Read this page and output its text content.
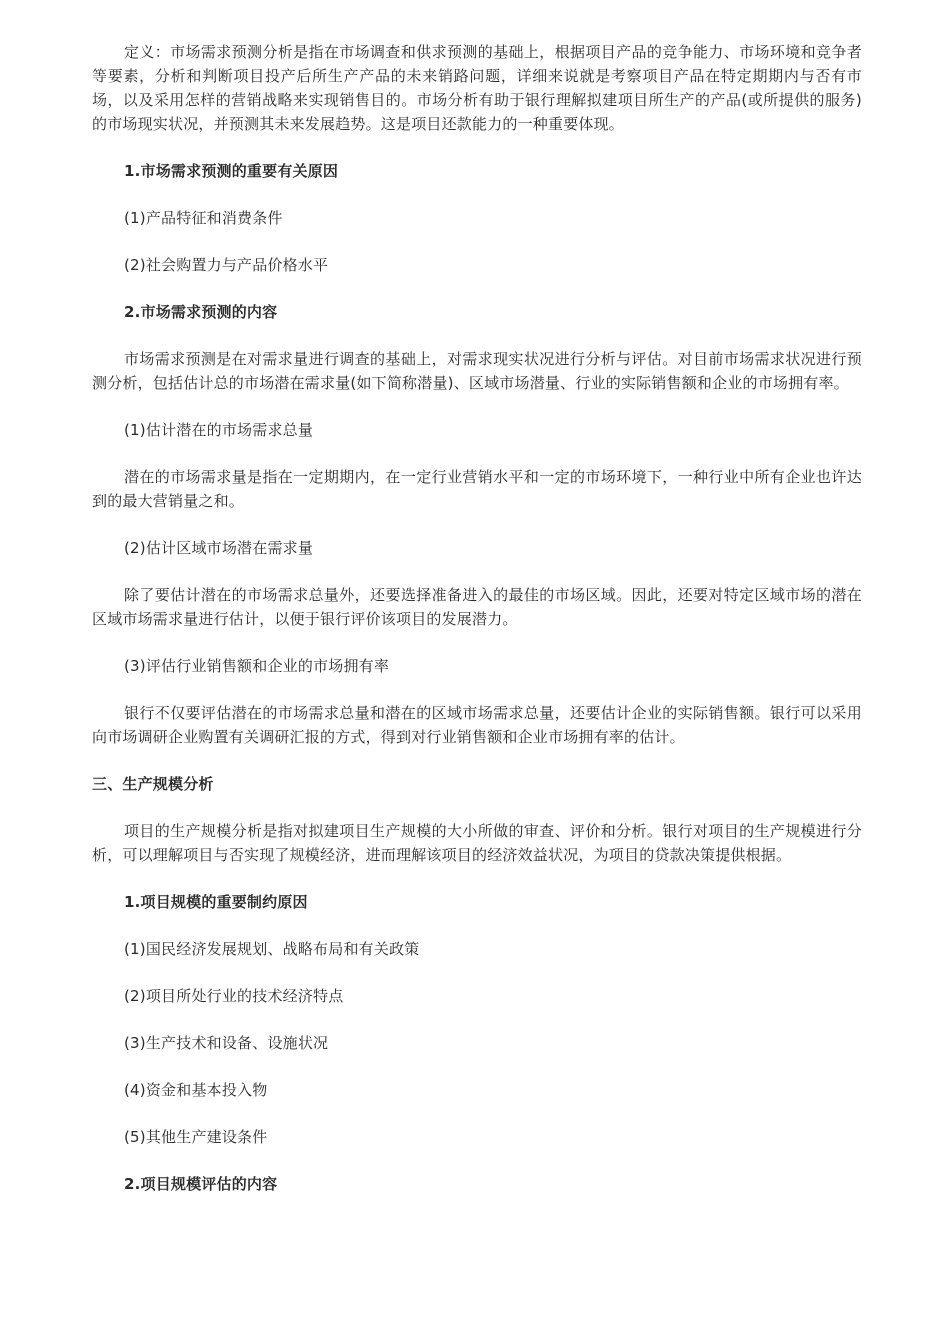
定义：市场需求预测分析是指在市场调查和供求预测的基础上，根据项目产品的竞争能力、市场环境和竞争者等要素，分析和判断项目投产后所生产产品的未来销路问题，详细来说就是考察项目产品在特定期期内与否有市场，以及采用怎样的营销战略来实现销售目的。市场分析有助于银行理解拟建项目所生产的产品(或所提供的服务)的市场现实状况，并预测其未来发展趋势。这是项目还款能力的一种重要体现。

1.市场需求预测的重要有关原因

(1)产品特征和消费条件

(2)社会购置力与产品价格水平

2.市场需求预测的内容

市场需求预测是在对需求量进行调查的基础上，对需求现实状况进行分析与评估。对目前市场需求状况进行预测分析，包括估计总的市场潜在需求量(如下简称潜量)、区域市场潜量、行业的实际销售额和企业的市场拥有率。

(1)估计潜在的市场需求总量

潜在的市场需求量是指在一定期期内，在一定行业营销水平和一定的市场环境下，一种行业中所有企业也许达到的最大营销量之和。

(2)估计区域市场潜在需求量

除了要估计潜在的市场需求总量外，还要选择准备进入的最佳的市场区域。因此，还要对特定区域市场的潜在区域市场需求量进行估计，以便于银行评价该项目的发展潜力。

(3)评估行业销售额和企业的市场拥有率

银行不仅要评估潜在的市场需求总量和潜在的区域市场需求总量，还要估计企业的实际销售额。银行可以采用向市场调研企业购置有关调研汇报的方式，得到对行业销售额和企业市场拥有率的估计。

三、生产规模分析

项目的生产规模分析是指对拟建项目生产规模的大小所做的审查、评价和分析。银行对项目的生产规模进行分析，可以理解项目与否实现了规模经济，进而理解该项目的经济效益状况，为项目的贷款决策提供根据。

1.项目规模的重要制约原因

(1)国民经济发展规划、战略布局和有关政策

(2)项目所处行业的技术经济特点

(3)生产技术和设备、设施状况

(4)资金和基本投入物

(5)其他生产建设条件

2.项目规模评估的内容
